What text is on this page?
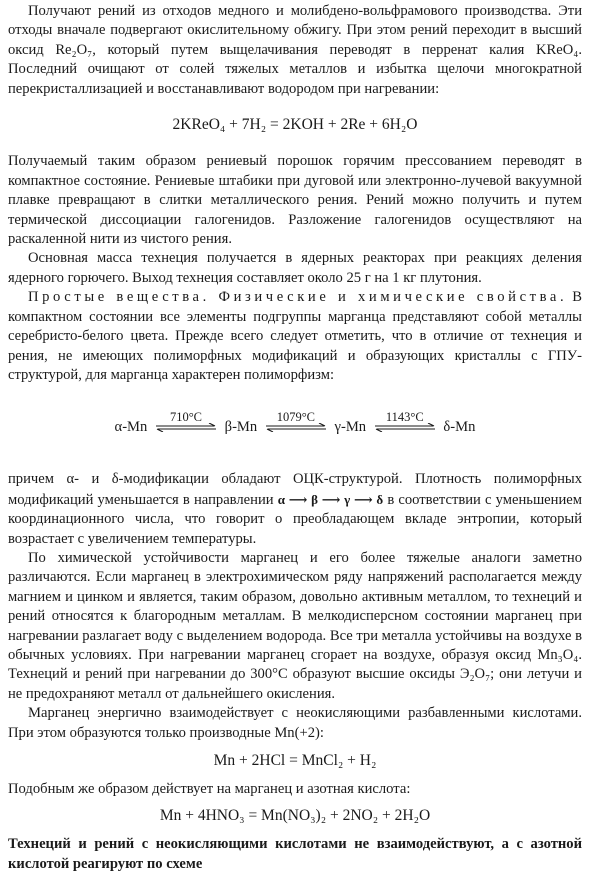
Получают рений из отходов медного и молибдено-вольфрамового производства. Эти отходы вначале подвергают окислительному обжигу. При этом рений переходит в высший оксид Re₂O₇, который путем выщелачивания переводят в перренат калия KReO₄. Последний очищают от солей тяжелых металлов и избытка щелочи многократной перекристаллизацией и восстанавливают водородом при нагревании:

2KReO₄ + 7H₂ = 2KOH + 2Re + 6H₂O

Получаемый таким образом рениевый порошок горячим прессованием переводят в компактное состояние. Рениевые штабики при дуговой или электронно-лучевой вакуумной плавке превращают в слитки металлического рения. Рений можно получить и путем термической диссоциации галогенидов. Разложение галогенидов осуществляют на раскаленной нити из чистого рения.

Основная масса технеция получается в ядерных реакторах при реакциях деления ядерного горючего. Выход технеция составляет около 25 г на 1 кг плутония.

Простые вещества. Физические и химические свойства. В компактном состоянии все элементы подгруппы марганца представляют собой металлы серебристо-белого цвета. Прежде всего следует отметить, что в отличие от технеция и рения, не имеющих полиморфных модификаций и образующих кристаллы с ГПУ-структурой, для марганца характерен полиморфизм:

α-Mn
710°C
β-Mn
1079°C
γ-Mn
1143°C
δ-Mn

причем α- и δ-модификации обладают ОЦК-структурой. Плотность полиморфных модификаций уменьшается в направлении α ⟶ β ⟶ γ ⟶ δ в соответствии с уменьшением координационного числа, что говорит о преобладающем вкладе энтропии, который возрастает с увеличением температуры.

По химической устойчивости марганец и его более тяжелые аналоги заметно различаются. Если марганец в электрохимическом ряду напряжений располагается между магнием и цинком и является, таким образом, довольно активным металлом, то технеций и рений относятся к благородным металлам. В мелкодисперсном состоянии марганец при нагревании разлагает воду с выделением водорода. Все три металла устойчивы на воздухе в обычных условиях. При нагревании марганец сгорает на воздухе, образуя оксид Mn₃O₄. Технеций и рений при нагревании до 300°C образуют высшие оксиды Э₂O₇; они летучи и не предохраняют металл от дальнейшего окисления.

Марганец энергично взаимодействует с неокисляющими разбавленными кислотами. При этом образуются только производные Mn(+2):

Mn + 2HCl = MnCl₂ + H₂

Подобным же образом действует на марганец и азотная кислота:

Mn + 4HNO₃ = Mn(NO₃)₂ + 2NO₂ + 2H₂O

Технеций и рений с неокисляющими кислотами не взаимодействуют, а с азотной кислотой реагируют по схеме
